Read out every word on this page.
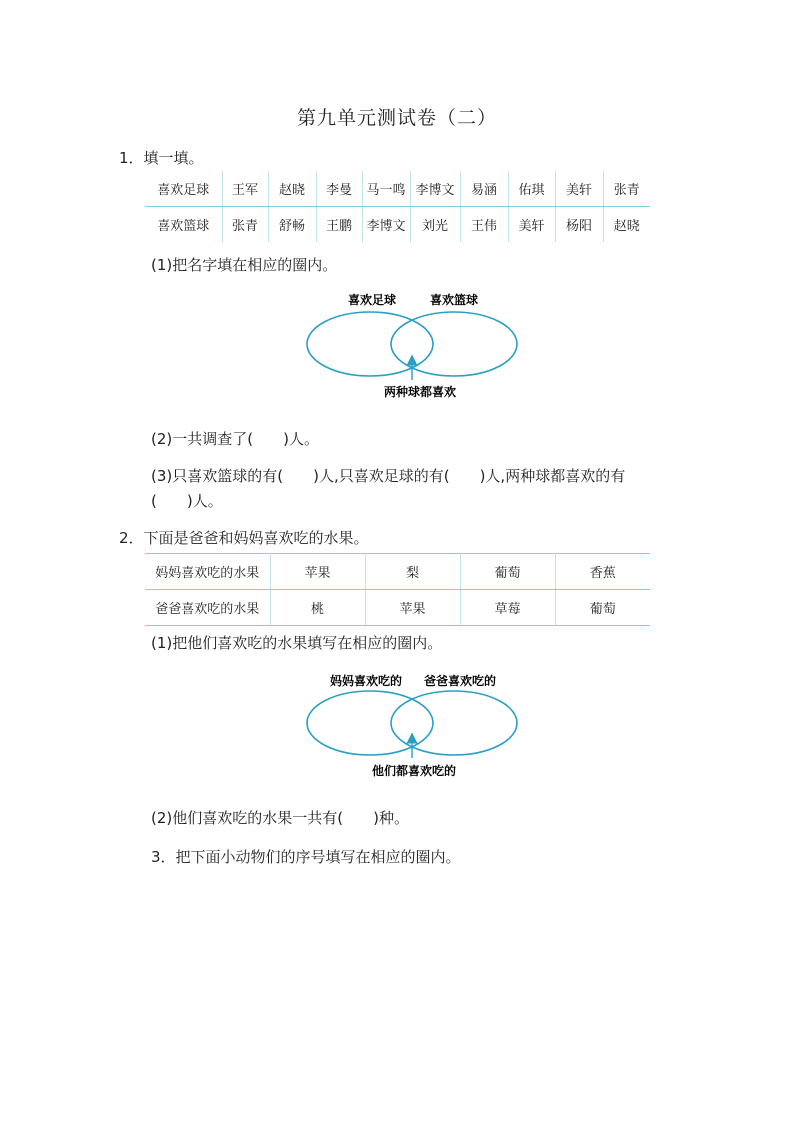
第九单元测试卷（二）
1．填一填。
喜欢足球	王军	赵晓	李曼	马一鸣	李博文	易涵	佑琪	美轩	张青
喜欢篮球	张青	舒畅	王鹏	李博文	刘光	王伟	美轩	杨阳	赵晓
(1)把名字填在相应的圈内。
喜欢足球	喜欢篮球
两种球都喜欢
(2)一共调查了(　　)人。
(3)只喜欢篮球的有(　　)人,只喜欢足球的有(　　)人,两种球都喜欢的有
(　　)人。
2．下面是爸爸和妈妈喜欢吃的水果。
妈妈喜欢吃的水果	苹果	梨	葡萄	香蕉
爸爸喜欢吃的水果	桃	苹果	草莓	葡萄
(1)把他们喜欢吃的水果填写在相应的圈内。
妈妈喜欢吃的 爸爸喜欢吃的
他们都喜欢吃的
(2)他们喜欢吃的水果一共有(　　)种。
3．把下面小动物们的序号填写在相应的圈内。
